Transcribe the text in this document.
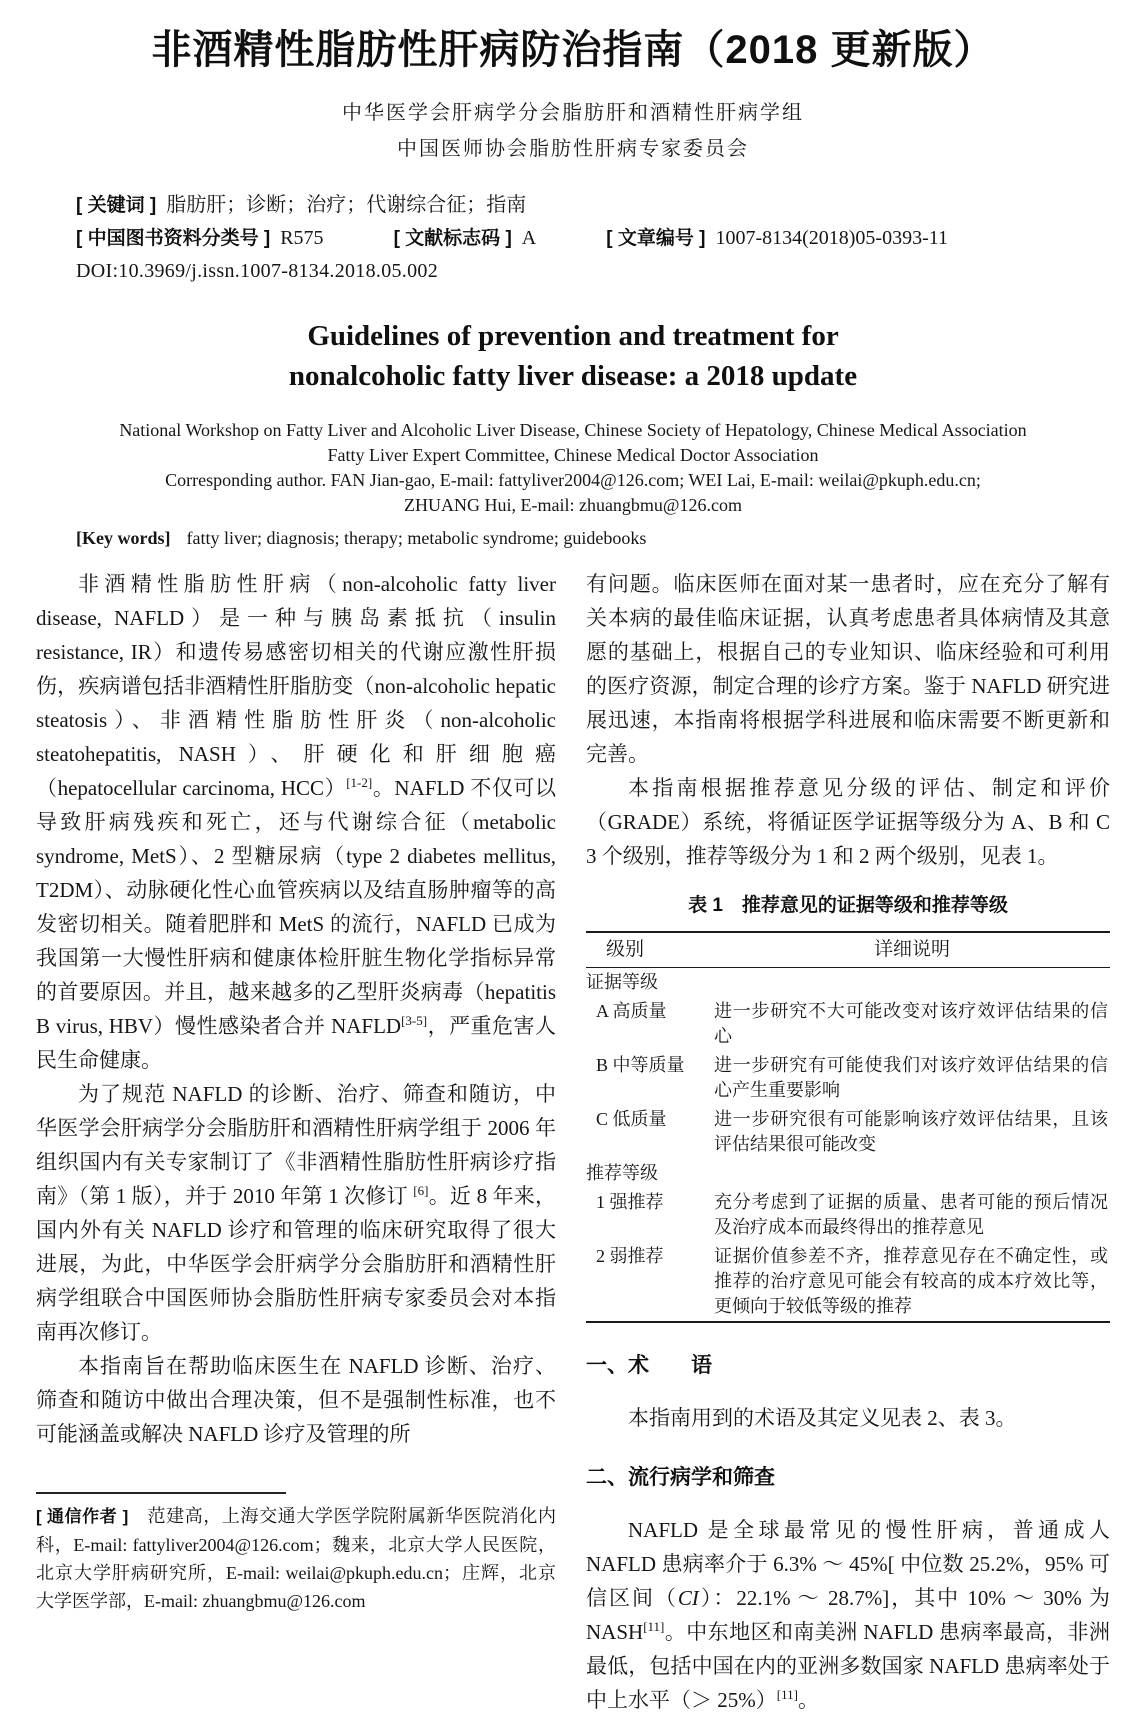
非酒精性脂肪性肝病防治指南（2018 更新版）
中华医学会肝病学分会脂肪肝和酒精性肝病学组
中国医师协会脂肪性肝病专家委员会
[ 关键词 ] 脂肪肝；诊断；治疗；代谢综合征；指南
[ 中国图书资料分类号 ] R575	[ 文献标志码 ] A	[ 文章编号 ] 1007-8134(2018)05-0393-11
DOI:10.3969/j.issn.1007-8134.2018.05.002
Guidelines of prevention and treatment for
nonalcoholic fatty liver disease: a 2018 update
National Workshop on Fatty Liver and Alcoholic Liver Disease, Chinese Society of Hepatology, Chinese Medical Association
Fatty Liver Expert Committee, Chinese Medical Doctor Association
Corresponding author. FAN Jian-gao, E-mail: fattyliver2004@126.com; WEI Lai, E-mail: weilai@pkuph.edu.cn;
ZHUANG Hui, E-mail: zhuangbmu@126.com
[Key words] fatty liver; diagnosis; therapy; metabolic syndrome; guidebooks

非酒精性脂肪性肝病（non-alcoholic fatty liver disease, NAFLD）是一种与胰岛素抵抗（insulin resistance, IR）和遗传易感密切相关的代谢应激性肝损伤，疾病谱包括非酒精性肝脂肪变（non-alcoholic hepatic steatosis）、非酒精性脂肪性肝炎（non-alcoholic steatohepatitis, NASH）、肝硬化和肝细胞癌（hepatocellular carcinoma, HCC）[1-2]。NAFLD 不仅可以导致肝病残疾和死亡，还与代谢综合征（metabolic syndrome, MetS）、2 型糖尿病（type 2 diabetes mellitus, T2DM）、动脉硬化性心血管疾病以及结直肠肿瘤等的高发密切相关。随着肥胖和 MetS 的流行，NAFLD 已成为我国第一大慢性肝病和健康体检肝脏生物化学指标异常的首要原因。并且，越来越多的乙型肝炎病毒（hepatitis B virus, HBV）慢性感染者合并 NAFLD[3-5]，严重危害人民生命健康。

为了规范 NAFLD 的诊断、治疗、筛查和随访，中华医学会肝病学分会脂肪肝和酒精性肝病学组于 2006 年组织国内有关专家制订了《非酒精性脂肪性肝病诊疗指南》（第 1 版），并于 2010 年第 1 次修订 [6]。近 8 年来，国内外有关 NAFLD 诊疗和管理的临床研究取得了很大进展，为此，中华医学会肝病学分会脂肪肝和酒精性肝病学组联合中国医师协会脂肪性肝病专家委员会对本指南再次修订。

本指南旨在帮助临床医生在 NAFLD 诊断、治疗、筛查和随访中做出合理决策，但不是强制性标准，也不可能涵盖或解决 NAFLD 诊疗及管理的所

[ 通信作者 ]　范建高，上海交通大学医学院附属新华医院消化内科，E-mail: fattyliver2004@126.com；魏来，北京大学人民医院，北京大学肝病研究所，E-mail: weilai@pkuph.edu.cn；庄辉，北京大学医学部，E-mail: zhuangbmu@126.com

有问题。临床医师在面对某一患者时，应在充分了解有关本病的最佳临床证据，认真考虑患者具体病情及其意愿的基础上，根据自己的专业知识、临床经验和可利用的医疗资源，制定合理的诊疗方案。鉴于 NAFLD 研究进展迅速，本指南将根据学科进展和临床需要不断更新和完善。

本指南根据推荐意见分级的评估、制定和评价（GRADE）系统，将循证医学证据等级分为 A、B 和 C 3 个级别，推荐等级分为 1 和 2 两个级别，见表 1。

表 1　推荐意见的证据等级和推荐等级
级别	详细说明
证据等级	
A 高质量	进一步研究不大可能改变对该疗效评估结果的信心
B 中等质量	进一步研究有可能使我们对该疗效评估结果的信心产生重要影响
C 低质量	进一步研究很有可能影响该疗效评估结果，且该评估结果很可能改变
推荐等级	
1 强推荐	充分考虑到了证据的质量、患者可能的预后情况及治疗成本而最终得出的推荐意见
2 弱推荐	证据价值参差不齐，推荐意见存在不确定性，或推荐的治疗意见可能会有较高的成本疗效比等，更倾向于较低等级的推荐
一、术　　语

本指南用到的术语及其定义见表 2、表 3。

二、流行病学和筛查

NAFLD 是全球最常见的慢性肝病，普通成人 NAFLD 患病率介于 6.3% ～ 45%[ 中位数 25.2%，95% 可信区间（CI）：22.1% ～ 28.7%]，其中 10% ～ 30% 为 NASH[11]。中东地区和南美洲 NAFLD 患病率最高，非洲最低，包括中国在内的亚洲多数国家 NAFLD 患病率处于中上水平（＞ 25%）[11]。
